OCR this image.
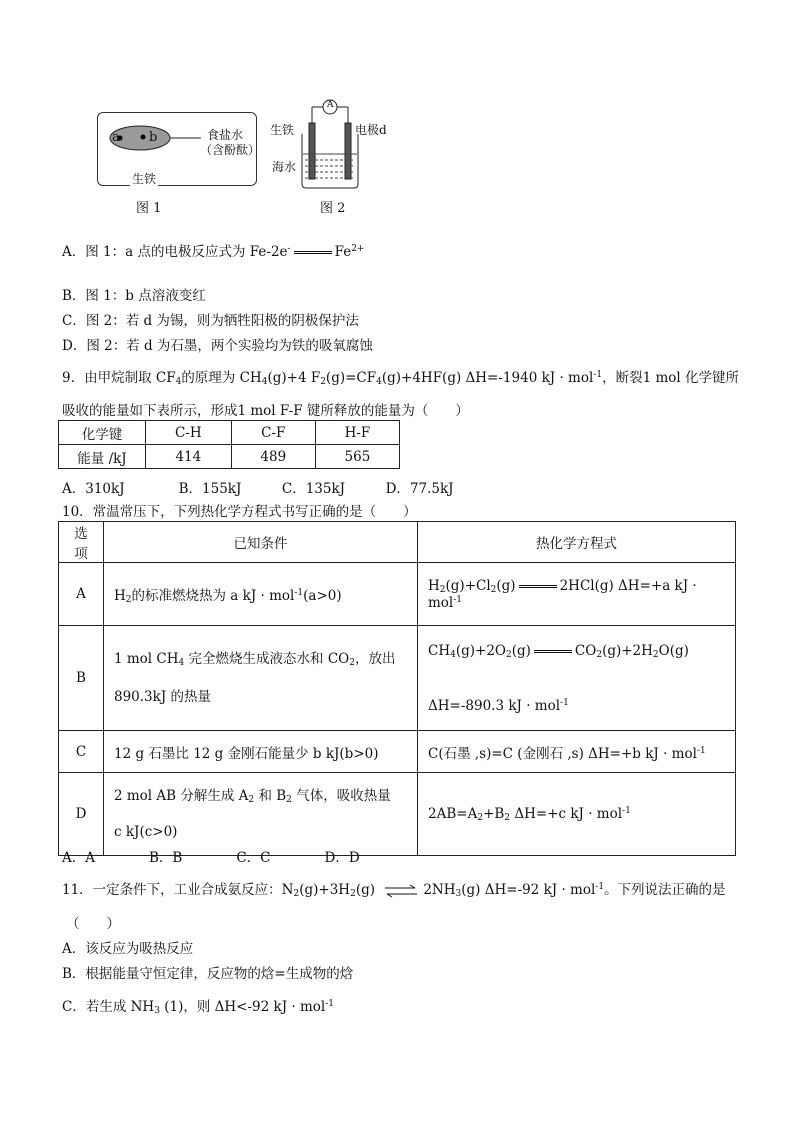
a b	食盐水
（含酚酞）
生铁
图 1
A
生铁	电极d
海水
图 2
A．图 1：a 点的电极反应式为 Fe-2e-	$Fe^{2+}$
B．图 1：b 点溶液变红
C．图 2：若 d 为锡，则为牺牲阳极的阴极保护法
D．图 2：若 d 为石墨，两个实验均为铁的吸氧腐蚀
9．由甲烷制取 $CF_4$的原理为 $CH_4(g)+4$ $F_2(g)=CF_4(g)+4HF(g)$ ΔH=-1940 kJ · mol$^{-1}$，断裂1 mol 化学键所
吸收的能量如下表所示，形成1 mol F-F 键所释放的能量为（　　）
化学键	C-H	C-F	H-F
能量 /kJ	414	489	565
A．310kJ　　　　B．155kJ　　　C．135kJ　　　D．77.5kJ
10．常温常压下，下列热化学方程式书写正确的是（　　）
选项	已知条件	热化学方程式
A	$H_2$的标准燃烧热为 a kJ · mol$^{-1}$(a>0)	$H_2(g)+Cl_2(g)$ 2HCl(g) ΔH=+a kJ · mol$^{-1}$
B	1 mol $CH_4$ 完全燃烧生成液态水和 $CO_2$，放出
890.3kJ 的热量	$CH_4(g)+2O_2(g)$ $CO_2(g)+2H_2O(g)$
ΔH=-890.3 kJ · mol$^{-1}$
C	12 g 石墨比 12 g 金刚石能量少 b kJ(b>0)	C(石墨 ,s)=C (金刚石 ,s) ΔH=+b kJ · mol$^{-1}$
D	2 mol AB 分解生成 $A_2$ 和 $B_2$ 气体，吸收热量
c kJ(c>0)	$2AB=A_2+B_2$ ΔH=+c kJ · mol$^{-1}$
A．A　　　　B．B　　　　C．C　　　　D．D
11．一定条件下，工业合成氨反应：$N_2(g)+3H_2(g)$ ⇌ $2NH_3(g)$ ΔH=-92 kJ · mol$^{-1}$。下列说法正确的是
（　　）
A．该反应为吸热反应
B．根据能量守恒定律，反应物的焓=生成物的焓
C．若生成 $NH_3$ (1)，则 ΔH<-92 kJ · mol$^{-1}$
